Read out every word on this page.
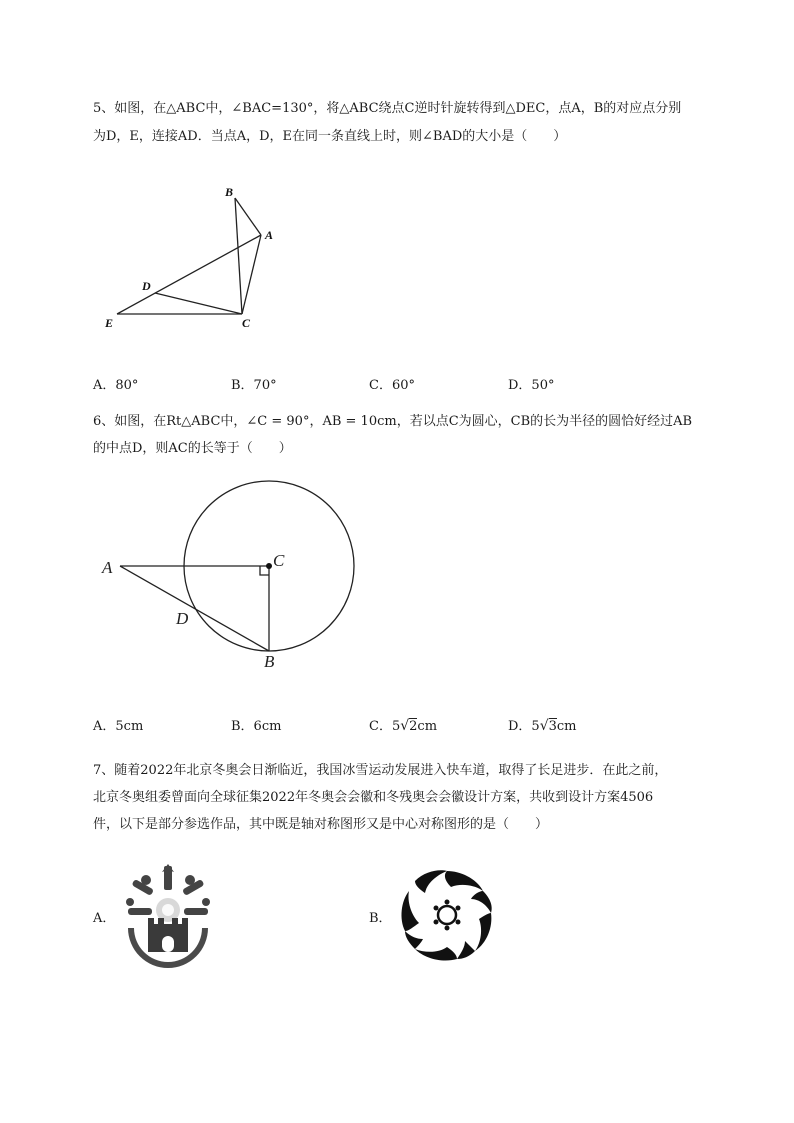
5、如图，在△ABC中，∠BAC=130°，将△ABC绕点C逆时针旋转得到△DEC，点A，B的对应点分别
为D，E，连接AD．当点A，D，E在同一条直线上时，则∠BAD的大小是（　　）
B
A
D
E	C
A．80°	B．70°	C．60°	D．50°
6、如图，在Rt△ABC中，∠C = 90°，AB = 10cm，若以点C为圆心，CB的长为半径的圆恰好经过AB
的中点D，则AC的长等于（　　）
A	C
D
B
A．5cm	B．6cm	C．5√2cm	D．5√3cm
7、随着2022年北京冬奥会日渐临近，我国冰雪运动发展进入快车道，取得了长足进步．在此之前，
北京冬奥组委曾面向全球征集2022年冬奥会会徽和冬残奥会会徽设计方案，共收到设计方案4506
件，以下是部分参选作品，其中既是轴对称图形又是中心对称图形的是（　　）
A．	B．
